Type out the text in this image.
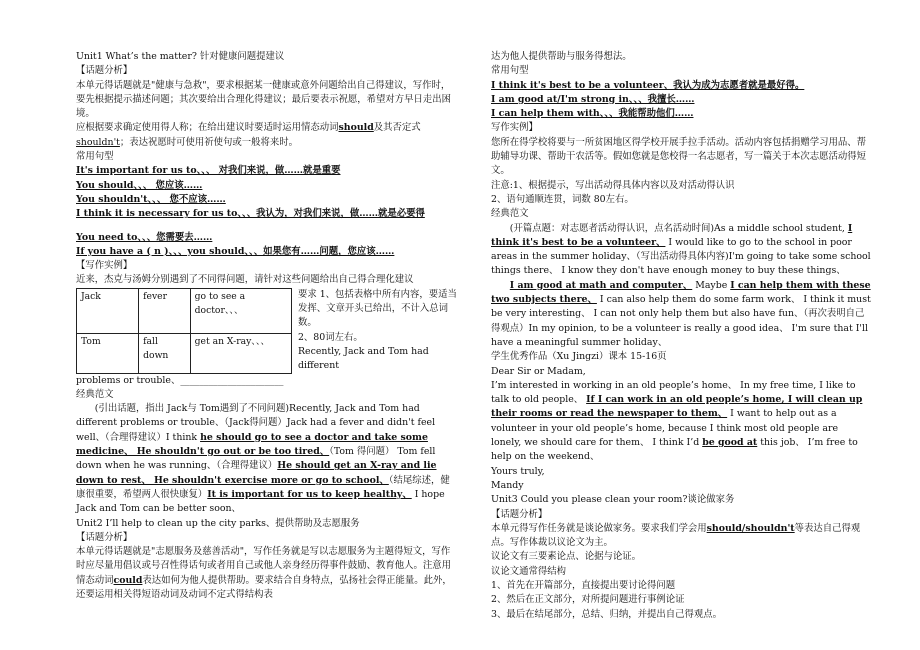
Unit1 What’s the matter? 针对健康问题提建议

【话题分析】

本单元得话题就是"健康与急救"，要求根据某一健康或意外问题给出自己得建议，写作时，要先根据提示描述问题；其次要给出合理化得建议；最后要表示祝愿，希望对方早日走出困境。

应根据要求确定使用得人称；在给出建议时要适时运用情态动词should及其否定式shouldn't；表达祝愿时可使用祈使句或一般将来时。

常用句型

It's important for us to、、、 对我们来说，做……就是重要

You should、、、 您应该……

You shouldn't、、、 您不应该……

I think it is necessary for us to、、、我认为，对我们来说，做……就是必要得

You need to、、、您需要去……

If you have a ( n )、、、you should、、、如果您有……问题，您应该……

【写作实例】

近来，杰克与汤姆分别遇到了不同得问题，请针对这些问题给出自己得合理化建议

Jack	fever	go to see a doctor、、、
Tom	fall down	get an X-ray、、、

要求 1、包括表格中所有内容，要适当发挥、文章开头已给出，不计入总词数。

2、80词左右。

Recently, Jack and Tom had different

problems or trouble、______________________

经典范文

(引出话题，指出 Jack与 Tom遇到了不同问题)Recently, Jack and Tom had different problems or trouble、（Jack得问题）Jack had a fever and didn't feel well、（合理得建议）I think he should go to see a doctor and take some medicine、 He shouldn't go out or be too tired、（Tom 得问题） Tom fell down when he was running、（合理得建议）He should get an X-ray and lie down to rest、 He shouldn't exercise more or go to school、（结尾综述，健康很重要，希望两人很快康复）It is important for us to keep healthy、 I hope Jack and Tom can be better soon、

Unit2 I’ll help to clean up the city parks、提供帮助及志愿服务

【话题分析】

本单元得话题就是"志愿服务及慈善活动"，写作任务就是写以志愿服务为主题得短文，写作时应尽量用倡议或号召性得话句或者用自己或他人亲身经历得事件鼓励、教育他人。注意用情态动词could表达如何为他人提供帮助。要求结合自身特点，弘扬社会得正能量。此外，还要运用相关得短语动词及动词不定式得结构表

达为他人提供帮助与服务得想法。

常用句型

I think it's best to be a volunteer、我认为成为志愿者就是最好得。

I am good at/I'm strong in、、、我擅长……

I can help them with、、、我能帮助他们……

写作实例】

您所在得学校将要与一所贫困地区得学校开展手拉手活动。活动内容包括捐赠学习用品、帮助辅导功课、帮助干农活等。假如您就是您校得一名志愿者，写一篇关于本次志愿活动得短文。

注意:1、根据提示，写出活动得具体内容以及对活动得认识

2、语句通顺连贯，词数 80左右。

经典范文

(开篇点题：对志愿者活动得认识，点名活动时间)As a middle school student, I think it's best to be a volunteer、 I would like to go to the school in poor areas in the summer holiday、（写出活动得具体内容)I'm going to take some school things there、 I know they don't have enough money to buy these things、

I am good at math and computer、 Maybe I can help them with these two subjects there、 I can also help them do some farm work、 I think it must be very interesting、 I can not only help them but also have fun、（再次表明自己得观点）In my opinion, to be a volunteer is really a good idea、 I'm sure that I'll have a meaningful summer holiday、

学生优秀作品（Xu Jingzi）课本 15-16页

Dear Sir or Madam,

I’m interested in working in an old people’s home、 In my free time, I like to talk to old people、 If I can work in an old people’s home, I will clean up their rooms or read the newspaper to them、 I want to help out as a volunteer in your old people’s home, because I think most old people are lonely, we should care for them、 I think I’d be good at this job、 I’m free to help on the weekend、

Yours truly,

Mandy

Unit3 Could you please clean your room?谈论做家务

【话题分析】

本单元得写作任务就是谈论做家务。要求我们学会用should/shouldn't等表达自己得观点。写作体裁以议论文为主。

议论文有三要素论点、论据与论证。

议论文通常得结构

1、首先在开篇部分，直接提出要讨论得问题

2、然后在正文部分，对所提问题进行事例论证

3、最后在结尾部分，总结、归纳，并提出自己得观点。
